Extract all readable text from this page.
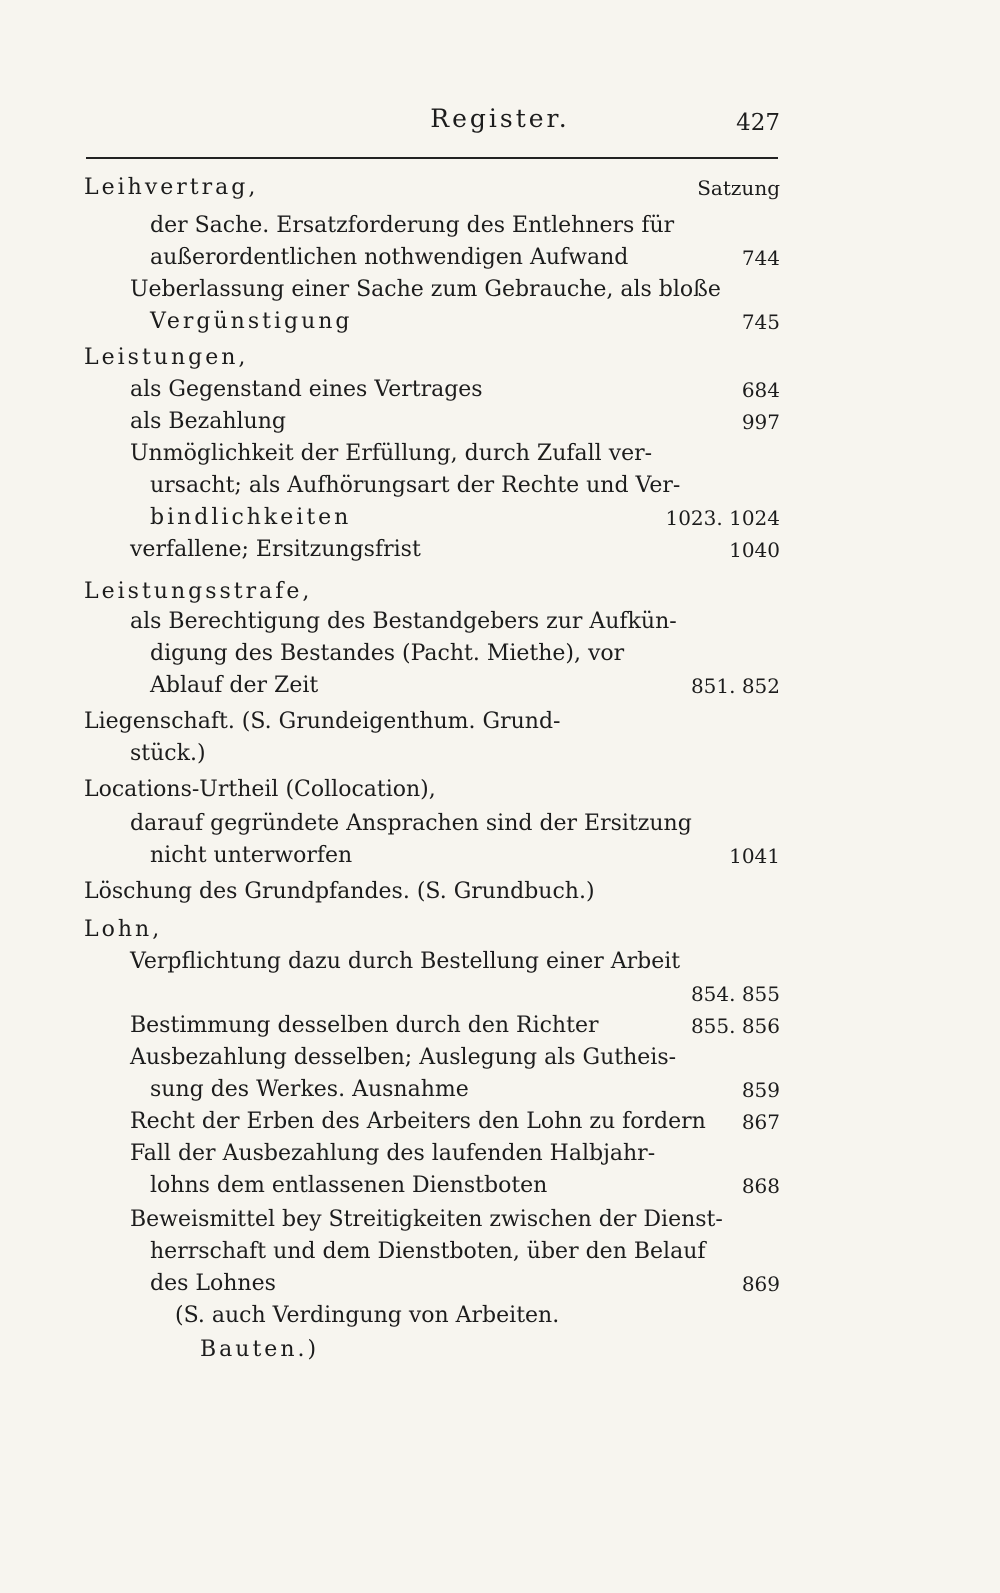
Register.	427
Leihvertrag,	Satzung
der Sache. Ersatzforderung des Entlehners für
außerordentlichen nothwendigen Aufwand	744
Ueberlassung einer Sache zum Gebrauche, als bloße
Vergünstigung	745
Leistungen,
als Gegenstand eines Vertrages	684
als Bezahlung	997
Unmöglichkeit der Erfüllung, durch Zufall ver-
ursacht; als Aufhörungsart der Rechte und Ver-
bindlichkeiten	1023. 1024
verfallene; Ersitzungsfrist	1040
Leistungsstrafe,
als Berechtigung des Bestandgebers zur Aufkün-
digung des Bestandes (Pacht. Miethe), vor
Ablauf der Zeit	851. 852
Liegenschaft. (S. Grundeigenthum. Grund-
stück.)
Locations-Urtheil (Collocation),
darauf gegründete Ansprachen sind der Ersitzung
nicht unterworfen	1041
Löschung des Grundpfandes. (S. Grundbuch.)
Lohn,
Verpflichtung dazu durch Bestellung einer Arbeit
854. 855
Bestimmung desselben durch den Richter	855. 856
Ausbezahlung desselben; Auslegung als Gutheis-
sung des Werkes. Ausnahme	859
Recht der Erben des Arbeiters den Lohn zu fordern 867
Fall der Ausbezahlung des laufenden Halbjahr-
lohns dem entlassenen Dienstboten	868
Beweismittel bey Streitigkeiten zwischen der Dienst-
herrschaft und dem Dienstboten, über den Belauf
des Lohnes	869
(S. auch Verdingung von Arbeiten.
Bauten.)
